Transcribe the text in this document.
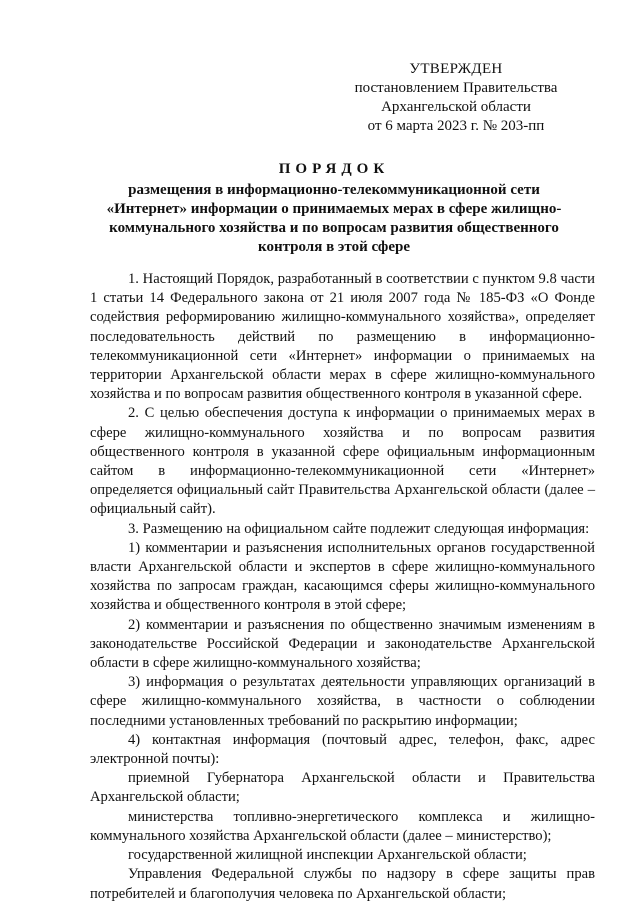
УТВЕРЖДЕН
постановлением Правительства
Архангельской области
от 6 марта 2023 г. № 203-пп
ПОРЯДОК
размещения в информационно-телекоммуникационной сети «Интернет» информации о принимаемых мерах в сфере жилищно-коммунального хозяйства и по вопросам развития общественного контроля в этой сфере

1. Настоящий Порядок, разработанный в соответствии с пунктом 9.8 части 1 статьи 14 Федерального закона от 21 июля 2007 года № 185-ФЗ «О Фонде содействия реформированию жилищно-коммунального хозяйства», определяет последовательность действий по размещению в информационно-телекоммуникационной сети «Интернет» информации о принимаемых на территории Архангельской области мерах в сфере жилищно-коммунального хозяйства и по вопросам развития общественного контроля в указанной сфере.

2. С целью обеспечения доступа к информации о принимаемых мерах в сфере жилищно-коммунального хозяйства и по вопросам развития общественного контроля в указанной сфере официальным информационным сайтом в информационно-телекоммуникационной сети «Интернет» определяется официальный сайт Правительства Архангельской области (далее – официальный сайт).

3. Размещению на официальном сайте подлежит следующая информация:

1) комментарии и разъяснения исполнительных органов государственной власти Архангельской области и экспертов в сфере жилищно-коммунального хозяйства по запросам граждан, касающимся сферы жилищно-коммунального хозяйства и общественного контроля в этой сфере;

2) комментарии и разъяснения по общественно значимым изменениям в законодательстве Российской Федерации и законодательстве Архангельской области в сфере жилищно-коммунального хозяйства;

3) информация о результатах деятельности управляющих организаций в сфере жилищно-коммунального хозяйства, в частности о соблюдении последними установленных требований по раскрытию информации;

4) контактная информация (почтовый адрес, телефон, факс, адрес электронной почты):

приемной Губернатора Архангельской области и Правительства Архангельской области;

министерства топливно-энергетического комплекса и жилищно-коммунального хозяйства Архангельской области (далее – министерство);

государственной жилищной инспекции Архангельской области;

Управления Федеральной службы по надзору в сфере защиты прав потребителей и благополучия человека по Архангельской области;
